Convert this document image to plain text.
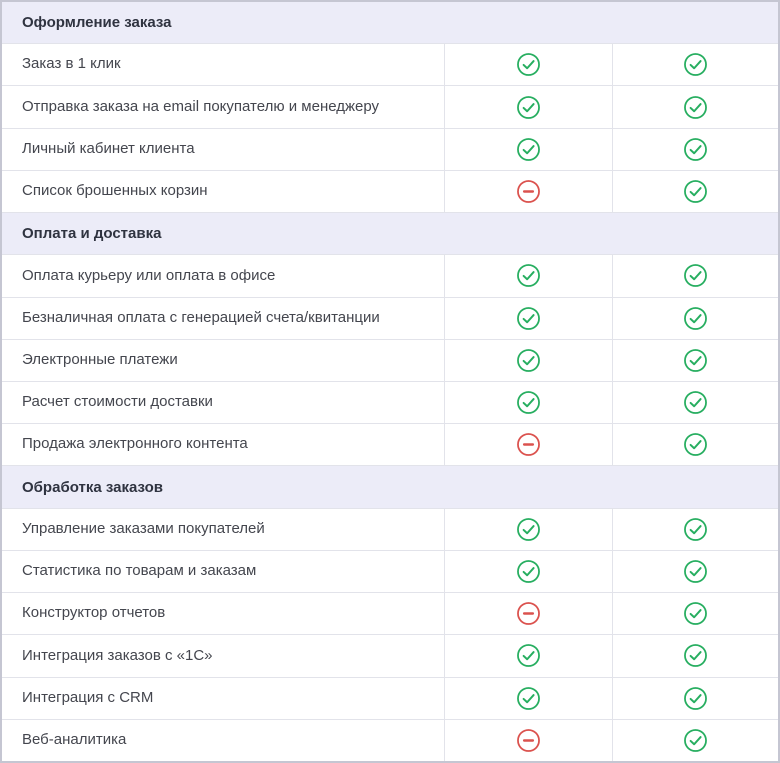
Оформление заказа
Заказ в 1 клик
Отправка заказа на email покупателю и менеджеру
Личный кабинет клиента
Список брошенных корзин
Оплата и доставка
Оплата курьеру или оплата в офисе
Безналичная оплата с генерацией счета/квитанции
Электронные платежи
Расчет стоимости доставки
Продажа электронного контента
Обработка заказов
Управление заказами покупателей
Статистика по товарам и заказам
Конструктор отчетов
Интеграция заказов с «1С»
Интеграция с CRM
Веб-аналитика
